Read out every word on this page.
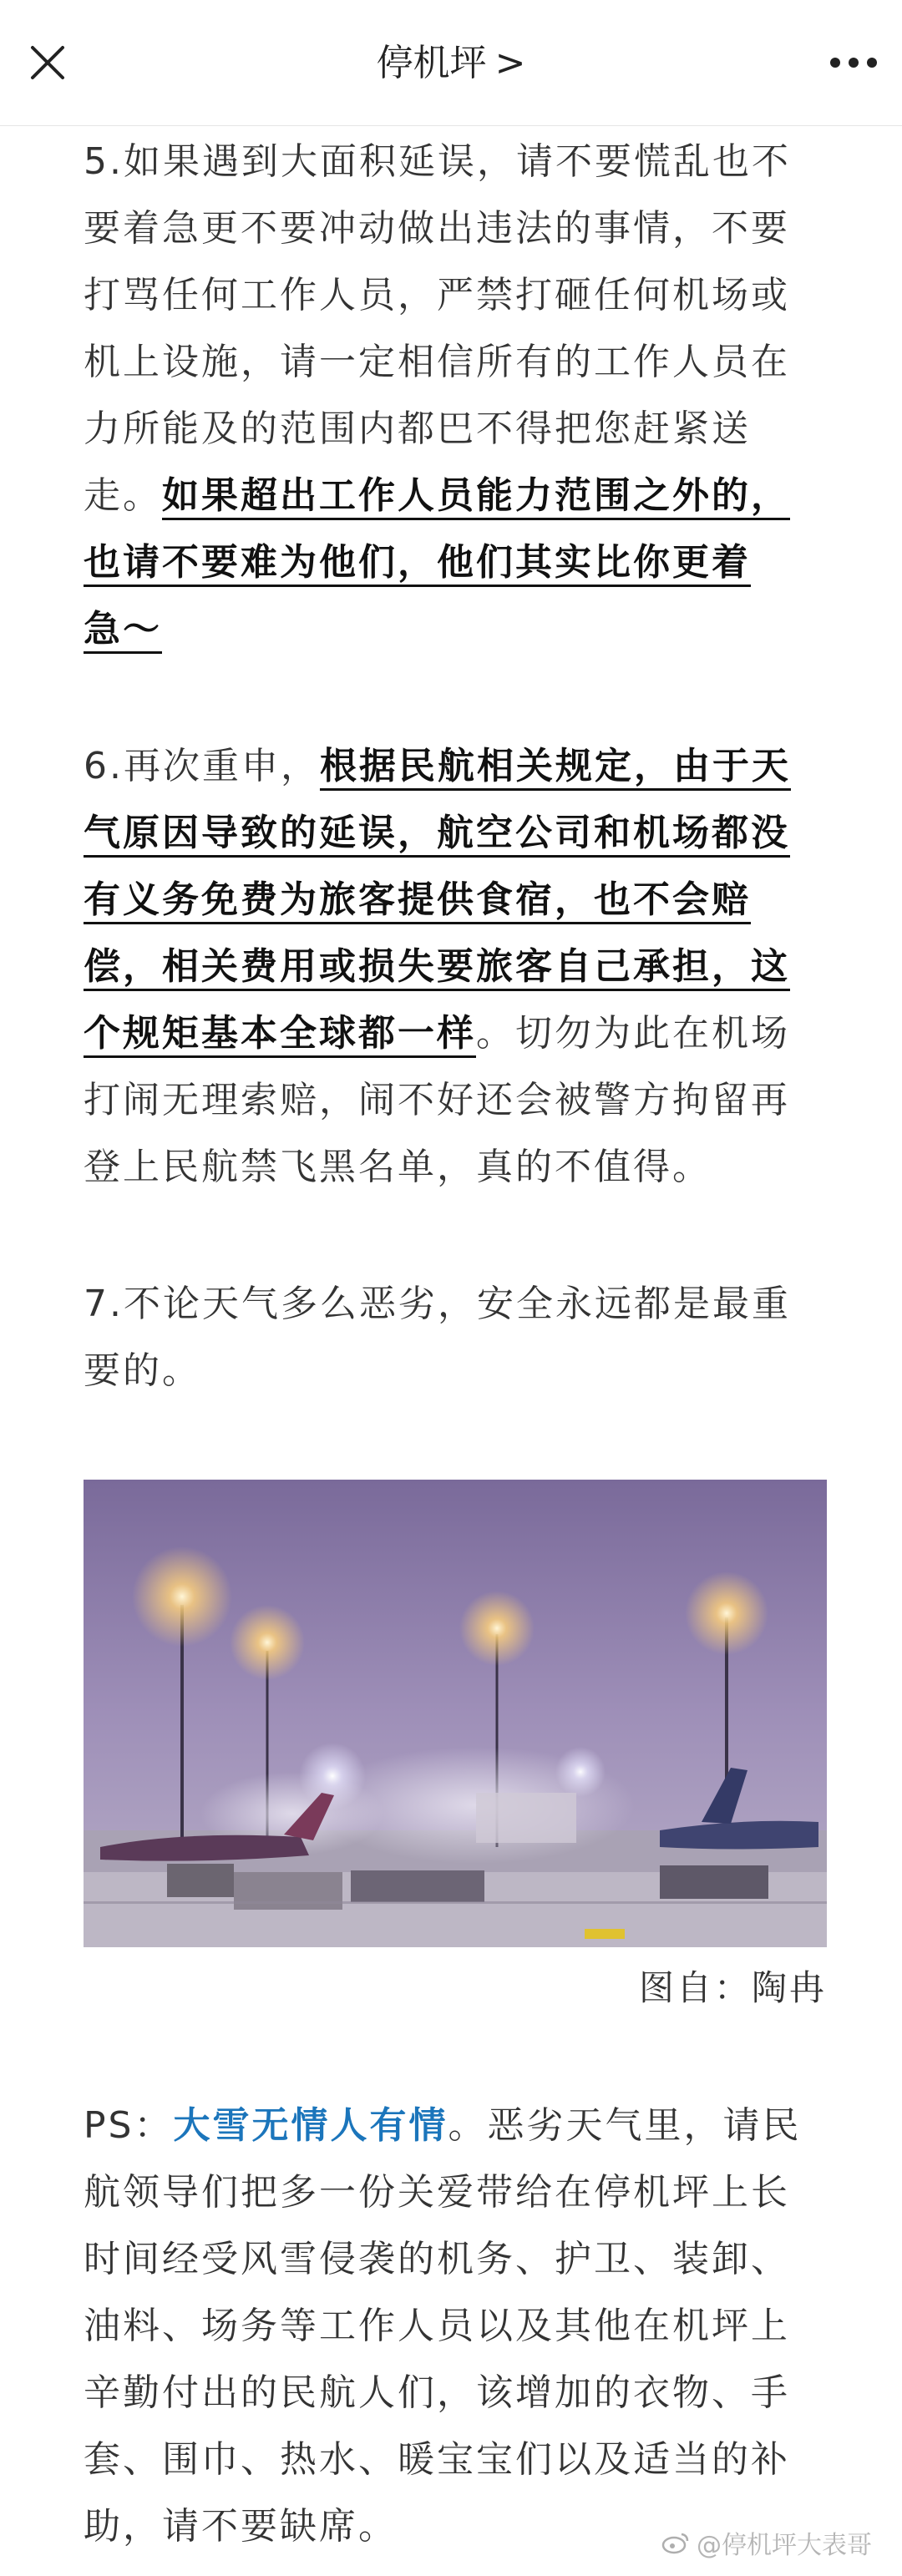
停机坪 >

5.如果遇到大面积延误，请不要慌乱也不要着急更不要冲动做出违法的事情，不要打骂任何工作人员，严禁打砸任何机场或机上设施，请一定相信所有的工作人员在力所能及的范围内都巴不得把您赶紧送走。如果超出工作人员能力范围之外的，也请不要难为他们，他们其实比你更着急〜

6.再次重申，根据民航相关规定，由于天气原因导致的延误，航空公司和机场都没有义务免费为旅客提供食宿，也不会赔偿，相关费用或损失要旅客自己承担，这个规矩基本全球都一样。切勿为此在机场打闹无理索赔，闹不好还会被警方拘留再登上民航禁飞黑名单，真的不值得。

7.不论天气多么恶劣，安全永远都是最重要的。

图自：陶冉

PS：大雪无情人有情。恶劣天气里，请民航领导们把多一份关爱带给在停机坪上长时间经受风雪侵袭的机务、护卫、装卸、油料、场务等工作人员以及其他在机坪上辛勤付出的民航人们，该增加的衣物、手套、围巾、热水、暖宝宝们以及适当的补助，请不要缺席。	@停机坪大表哥
